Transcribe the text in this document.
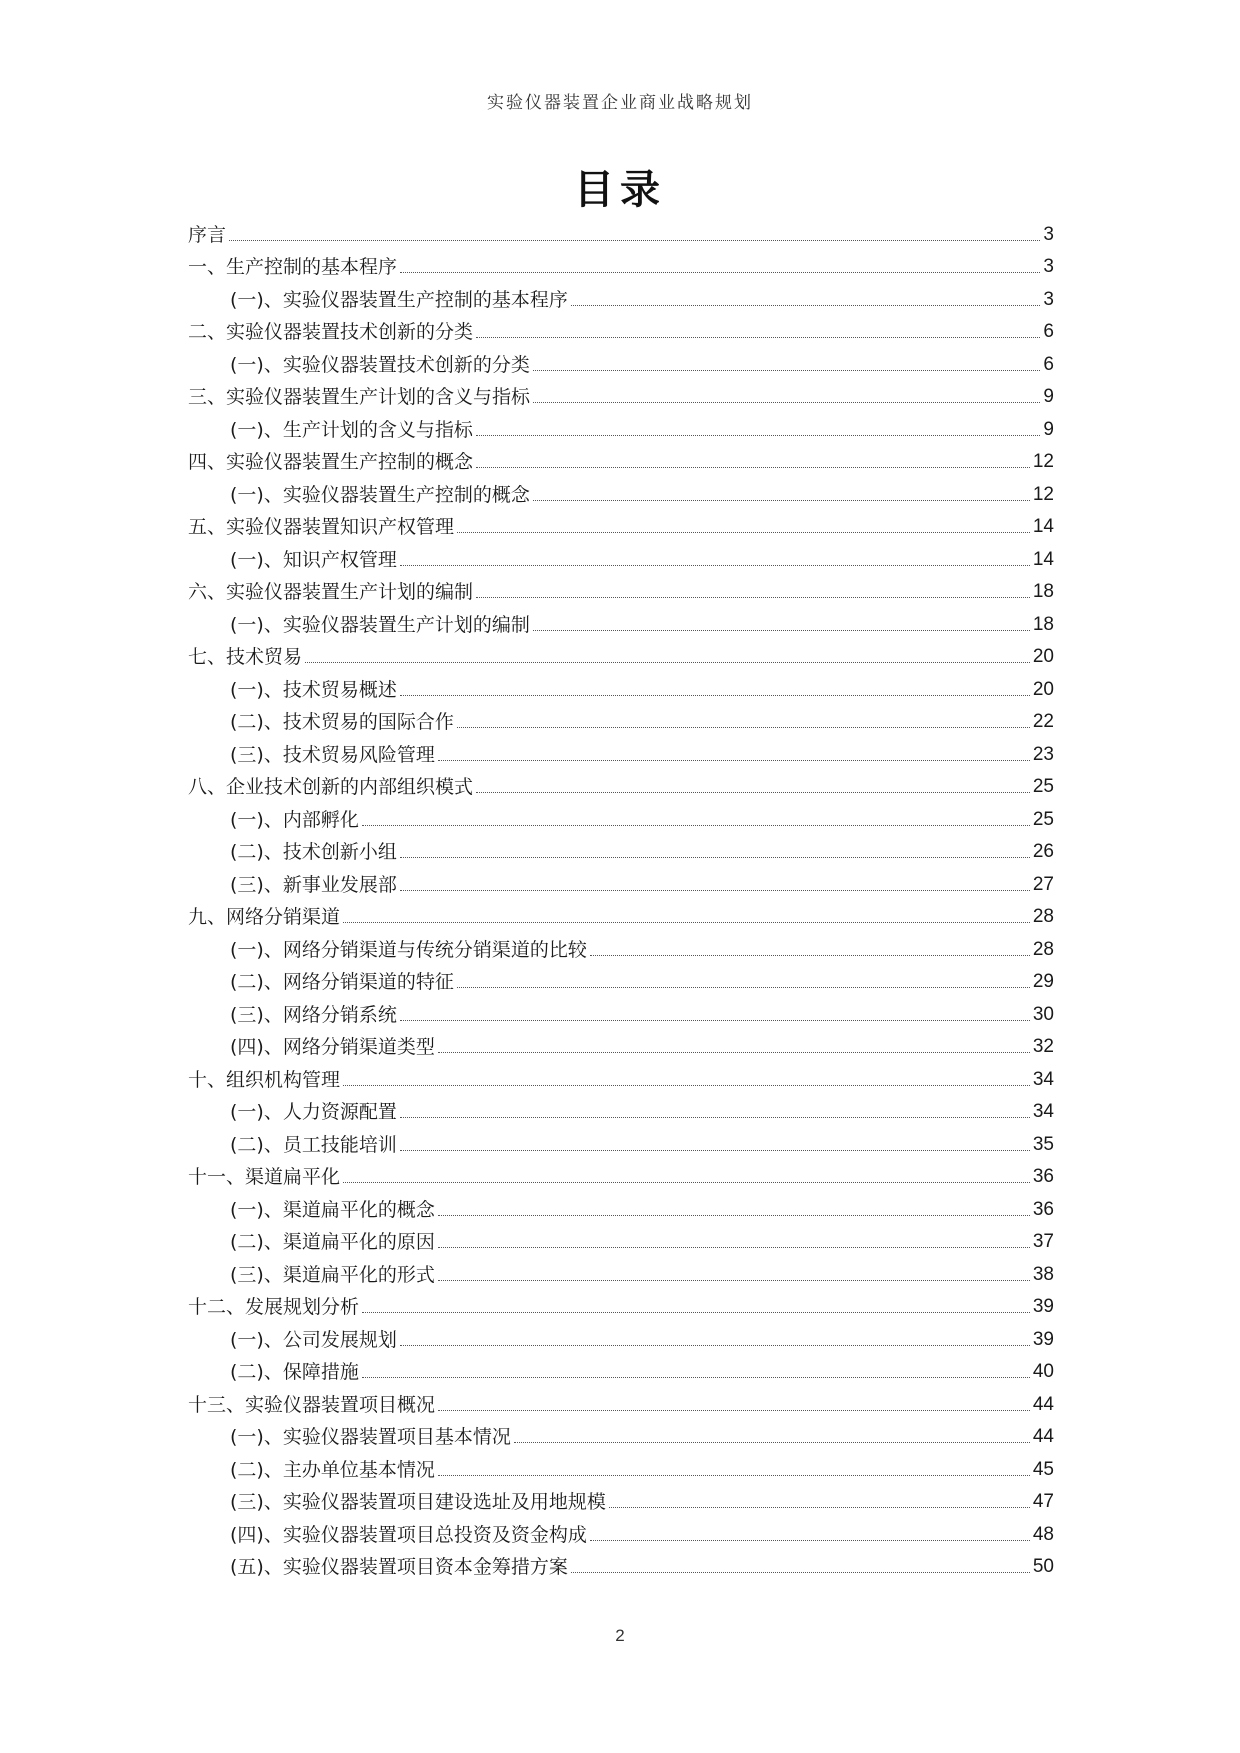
实验仪器装置企业商业战略规划
目录
序言	3
一、生产控制的基本程序	3
(一)、实验仪器装置生产控制的基本程序	3
二、实验仪器装置技术创新的分类	6
(一)、实验仪器装置技术创新的分类	6
三、实验仪器装置生产计划的含义与指标	9
(一)、生产计划的含义与指标	9
四、实验仪器装置生产控制的概念	12
(一)、实验仪器装置生产控制的概念	12
五、实验仪器装置知识产权管理	14
(一)、知识产权管理	14
六、实验仪器装置生产计划的编制	18
(一)、实验仪器装置生产计划的编制	18
七、技术贸易	20
(一)、技术贸易概述	20
(二)、技术贸易的国际合作	22
(三)、技术贸易风险管理	23
八、企业技术创新的内部组织模式	25
(一)、内部孵化	25
(二)、技术创新小组	26
(三)、新事业发展部	27
九、网络分销渠道	28
(一)、网络分销渠道与传统分销渠道的比较	28
(二)、网络分销渠道的特征	29
(三)、网络分销系统	30
(四)、网络分销渠道类型	32
十、组织机构管理	34
(一)、人力资源配置	34
(二)、员工技能培训	35
十一、渠道扁平化	36
(一)、渠道扁平化的概念	36
(二)、渠道扁平化的原因	37
(三)、渠道扁平化的形式	38
十二、发展规划分析	39
(一)、公司发展规划	39
(二)、保障措施	40
十三、实验仪器装置项目概况	44
(一)、实验仪器装置项目基本情况	44
(二)、主办单位基本情况	45
(三)、实验仪器装置项目建设选址及用地规模	47
(四)、实验仪器装置项目总投资及资金构成	48
(五)、实验仪器装置项目资本金筹措方案	50
2
